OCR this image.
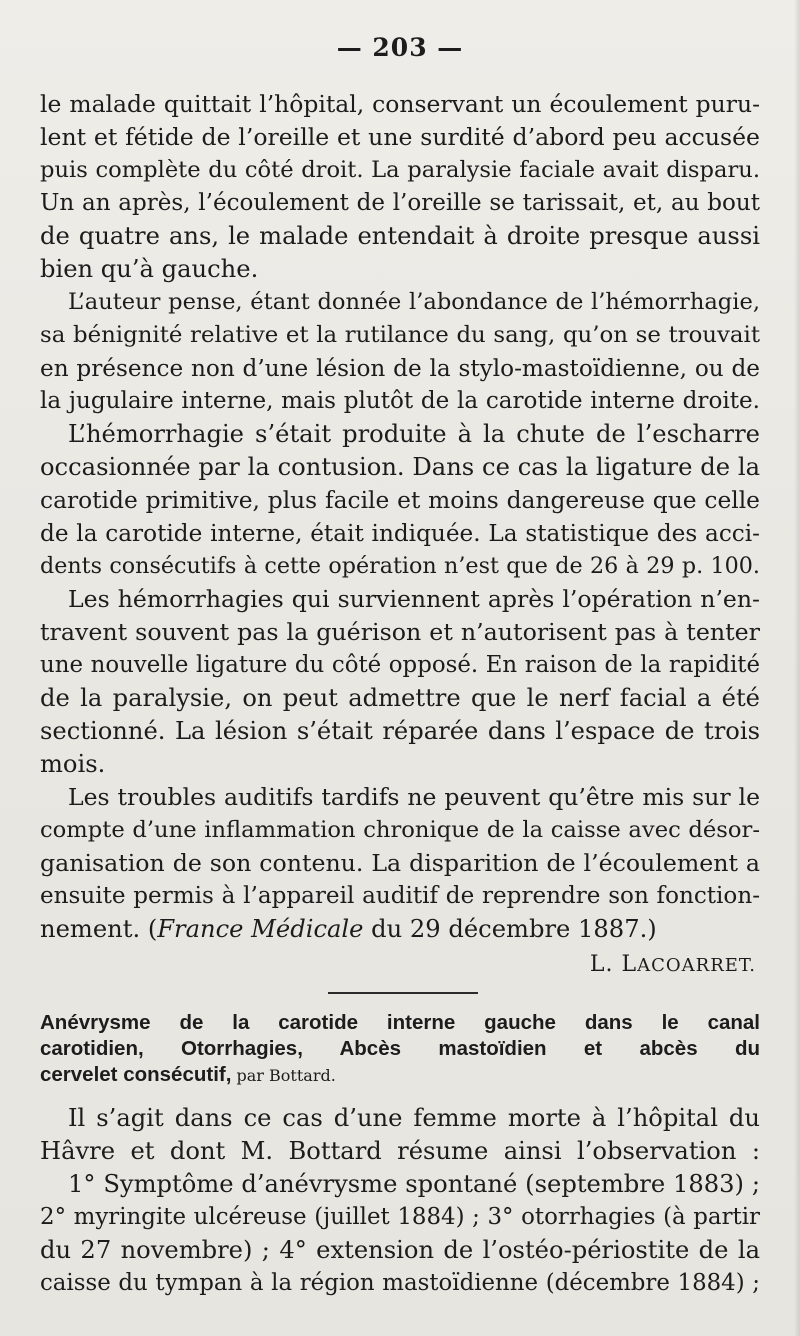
— 203 —
le malade quittait l’hôpital, conservant un écoulement puru-
lent et fétide de l’oreille et une surdité d’abord peu accusée
puis complète du côté droit. La paralysie faciale avait disparu.
Un an après, l’écoulement de l’oreille se tarissait, et, au bout
de quatre ans, le malade entendait à droite presque aussi
bien qu’à gauche.
L’auteur pense, étant donnée l’abondance de l’hémorrhagie,
sa bénignité relative et la rutilance du sang, qu’on se trouvait
en présence non d’une lésion de la stylo-mastoïdienne, ou de
la jugulaire interne, mais plutôt de la carotide interne droite.
L’hémorrhagie s’était produite à la chute de l’escharre
occasionnée par la contusion. Dans ce cas la ligature de la
carotide primitive, plus facile et moins dangereuse que celle
de la carotide interne, était indiquée. La statistique des acci-
dents consécutifs à cette opération n’est que de 26 à 29 p. 100.
Les hémorrhagies qui surviennent après l’opération n’en-
travent souvent pas la guérison et n’autorisent pas à tenter
une nouvelle ligature du côté opposé. En raison de la rapidité
de la paralysie, on peut admettre que le nerf facial a été
sectionné. La lésion s’était réparée dans l’espace de trois
mois.
Les troubles auditifs tardifs ne peuvent qu’être mis sur le
compte d’une inflammation chronique de la caisse avec désor-
ganisation de son contenu. La disparition de l’écoulement a
ensuite permis à l’appareil auditif de reprendre son fonction-
nement. (France Médicale du 29 décembre 1887.)
L. LACOARRET.
Anévrysme de la carotide interne gauche dans le canal
carotidien, Otorrhagies, Abcès mastoïdien et abcès du
cervelet consécutif, par Bottard.
Il s’agit dans ce cas d’une femme morte à l’hôpital du
Hâvre et dont M. Bottard résume ainsi l’observation :
1° Symptôme d’anévrysme spontané (septembre 1883) ;
2° myringite ulcéreuse (juillet 1884) ; 3° otorrhagies (à partir
du 27 novembre) ; 4° extension de l’ostéo-périostite de la
caisse du tympan à la région mastoïdienne (décembre 1884) ;
